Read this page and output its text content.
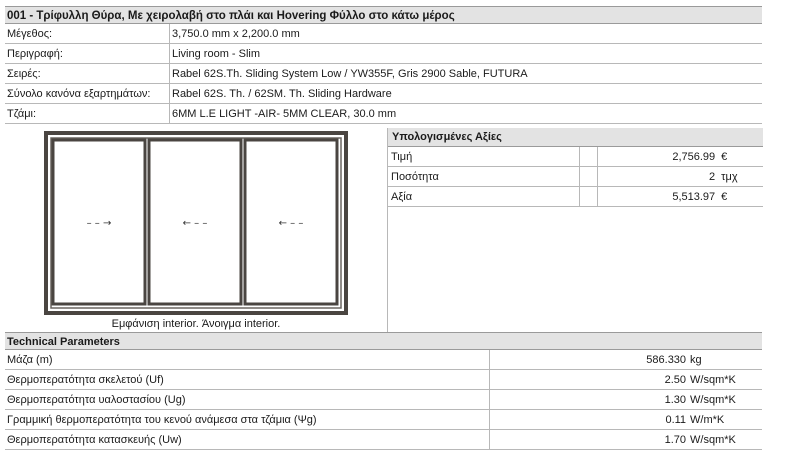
001 - Τρίφυλλη Θύρα, Με χειρολαβή στο πλάι και Hovering Φύλλο στο κάτω μέρος
Μέγεθος:	3,750.0 mm x 2,200.0 mm
Περιγραφή:	Living room - Slim
Σειρές:	Rabel 62S.Th. Sliding System Low / YW355F, Gris 2900 Sable, FUTURA
Σύνολο κανόνα εξαρτημάτων:	Rabel 62S. Th. / 62SM. Th. Sliding Hardware
Τζάμι:	6MM L.E LIGHT -AIR- 5MM CLEAR, 30.0 mm
– – →	← – –	← – –
Εμφάνιση interior. Άνοιγμα interior.
Υπολογισμένες Αξίες
Τιμή		2,756.99	€
Ποσότητα		2	τμχ
Αξία		5,513.97	€
Technical Parameters
Μάζα (m)	586.330	kg
Θερμοπερατότητα σκελετού (Uf)	2.50	W/sqm*K
Θερμοπερατότητα υαλοστασίου (Ug)	1.30	W/sqm*K
Γραμμική θερμοπερατότητα του κενού ανάμεσα στα τζάμια (Ψg)	0.11	W/m*K
Θερμοπερατότητα κατασκευής (Uw)	1.70	W/sqm*K
